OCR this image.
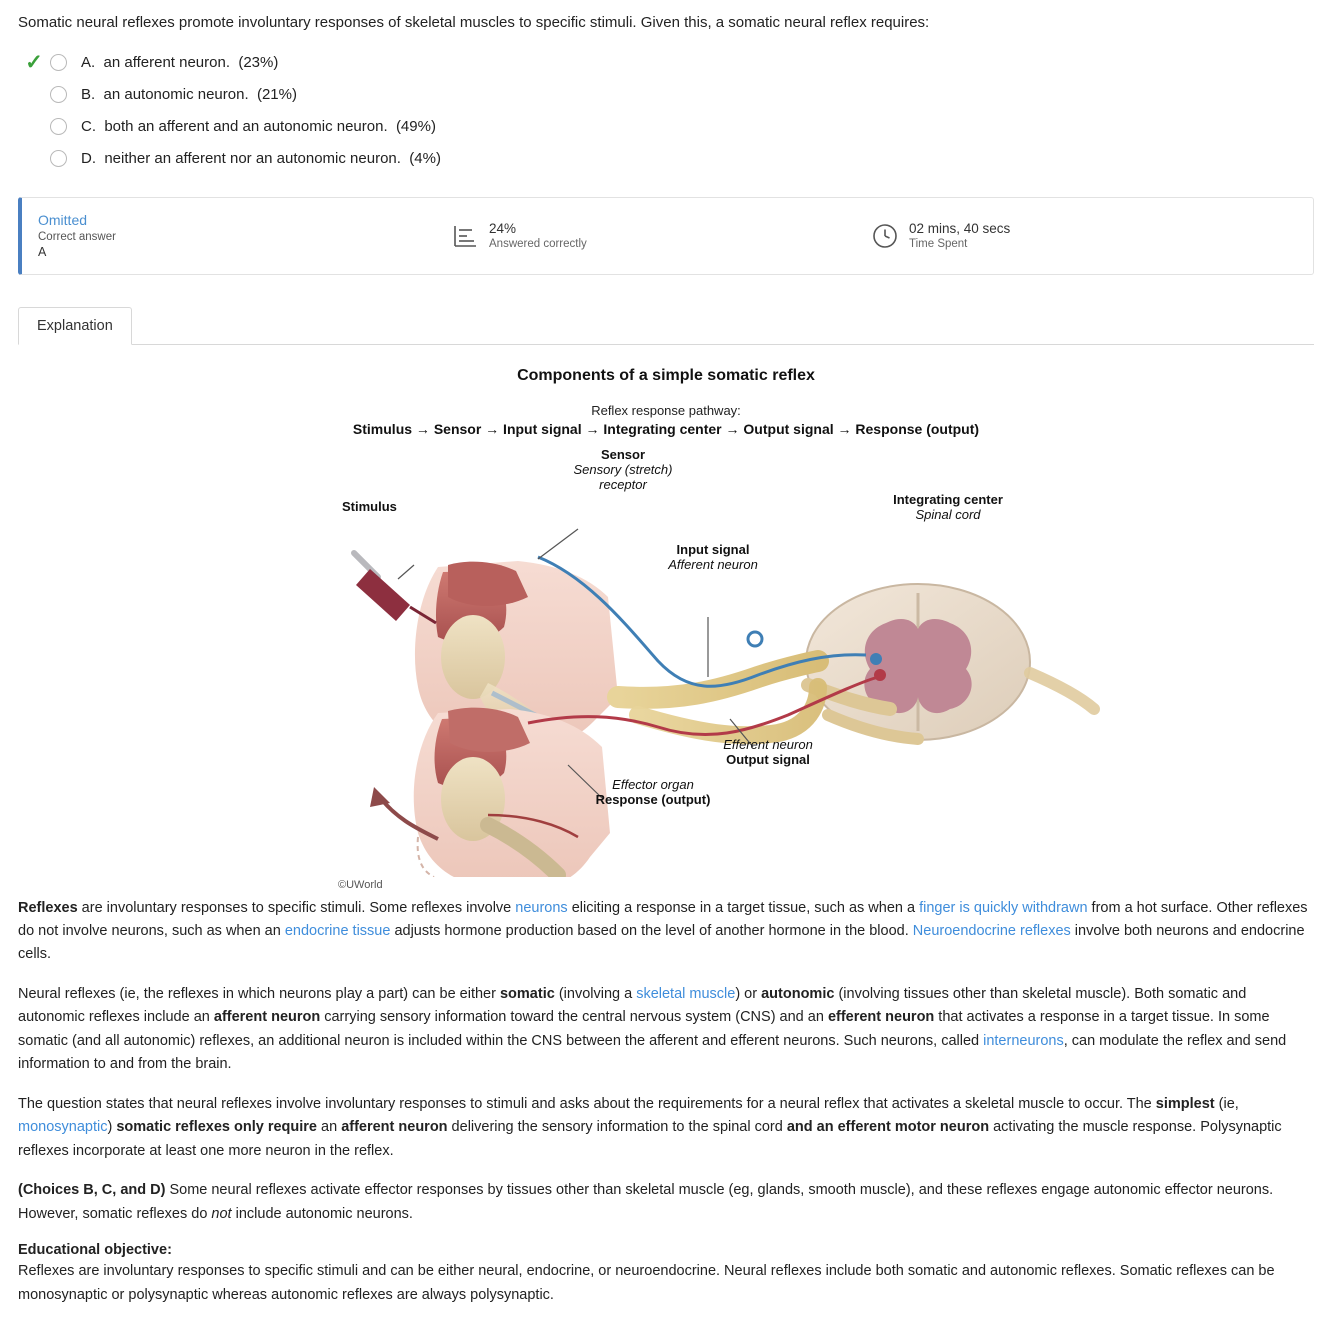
Somatic neural reflexes promote involuntary responses of skeletal muscles to specific stimuli. Given this, a somatic neural reflex requires:
✓	A.  an afferent neuron.  (23%)
B.  an autonomic neuron.  (21%)
C.  both an afferent and an autonomic neuron.  (49%)
D.  neither an afferent nor an autonomic neuron.  (4%)
Omitted
Correct answer
A
24%
Answered correctly
02 mins, 40 secs
Time Spent
Explanation
Components of a simple somatic reflex
Reflex response pathway:
Stimulus → Sensor → Input signal → Integrating center → Output signal → Response (output)
Sensor
Sensory (stretch)
receptor
Stimulus
Input signal
Afferent neuron
Integrating center
Spinal cord
Efferent neuron
Output signal
Effector organ
Response (output)
©UWorld

Reflexes are involuntary responses to specific stimuli. Some reflexes involve neurons eliciting a response in a target tissue, such as when a finger is quickly withdrawn from a hot surface. Other reflexes do not involve neurons, such as when an endocrine tissue adjusts hormone production based on the level of another hormone in the blood. Neuroendocrine reflexes involve both neurons and endocrine cells.

Neural reflexes (ie, the reflexes in which neurons play a part) can be either somatic (involving a skeletal muscle) or autonomic (involving tissues other than skeletal muscle). Both somatic and autonomic reflexes include an afferent neuron carrying sensory information toward the central nervous system (CNS) and an efferent neuron that activates a response in a target tissue. In some somatic (and all autonomic) reflexes, an additional neuron is included within the CNS between the afferent and efferent neurons. Such neurons, called interneurons, can modulate the reflex and send information to and from the brain.

The question states that neural reflexes involve involuntary responses to stimuli and asks about the requirements for a neural reflex that activates a skeletal muscle to occur. The simplest (ie, monosynaptic) somatic reflexes only require an afferent neuron delivering the sensory information to the spinal cord and an efferent motor neuron activating the muscle response. Polysynaptic reflexes incorporate at least one more neuron in the reflex.

(Choices B, C, and D) Some neural reflexes activate effector responses by tissues other than skeletal muscle (eg, glands, smooth muscle), and these reflexes engage autonomic effector neurons. However, somatic reflexes do not include autonomic neurons.

Educational objective:

Reflexes are involuntary responses to specific stimuli and can be either neural, endocrine, or neuroendocrine. Neural reflexes include both somatic and autonomic reflexes. Somatic reflexes can be monosynaptic or polysynaptic whereas autonomic reflexes are always polysynaptic.
